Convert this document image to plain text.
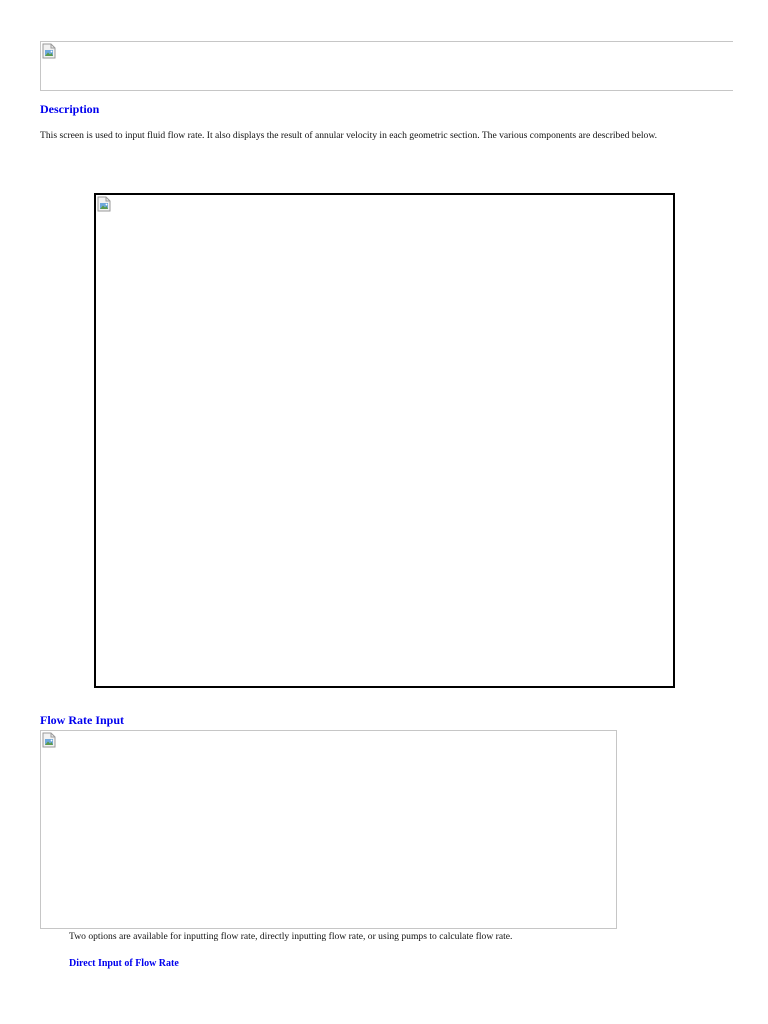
Description

This screen is used to input fluid flow rate. It also displays the result of annular velocity in each geometric section. The various components are described below.

Flow Rate Input

Two options are available for inputting flow rate, directly inputting flow rate, or using pumps to calculate flow rate.

Direct Input of Flow Rate
